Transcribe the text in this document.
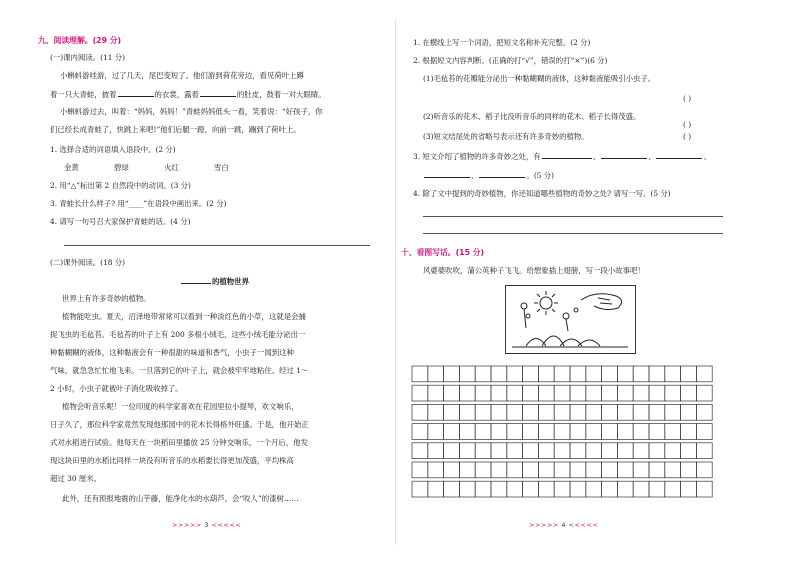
九、阅读理解。(29 分)
(一)课内阅读。(11 分)
小蝌蚪游哇游，过了几天，尾巴变短了。他们游到荷花旁边，看见荷叶上蹲
着一只大青蛙，披着	的衣裳，露着	的肚皮，鼓着一对大眼睛。
小蝌蚪游过去，叫着：“妈妈，妈妈！”青蛙妈妈低头一看，笑着说：“好孩子，你
们已经长成青蛙了，快跳上来吧!”他们后腿一蹬，向前一跳，蹦到了荷叶上。
1. 选择合适的词语填入语段中。(2 分)
金黄	碧绿	火红	雪白
2. 用“△”标出第 2 自然段中的动词。(3 分)
3. 青蛙长什么样子? 用“____”在语段中画出来。(2 分)
4. 请写一句号召大家保护青蛙的话。(4 分)
(二)课外阅读。(18 分)
的植物世界
世界上有许多奇妙的植物。
植物能吃虫。夏天，沼泽地带常常可以看到一种淡红色的小草，这就是会捕
捉飞虫的毛毡苔。毛毡苔的叶子上有 200 多根小绒毛，这些小绒毛能分泌出一
种黏糊糊的液体，这种黏液会有一种很甜的味道和香气，小虫子一闻到这种
气味，就急急忙忙地飞来。一旦落到它的叶子上，就会被牢牢地粘住。经过 1～
2 小时，小虫子就被叶子消化吸收掉了。
植物会听音乐呢！一位印度的科学家喜欢在花园里拉小提琴，欢文响乐，
日子久了，那位科学家竟然发现他那园中的花木长得格外旺盛。于是，他开始正
式对水稻进行试验。他每天在一块稻田里播放 25 分钟交响乐，一个月后，他发
现这块田里的水稻比同样一块没有听音乐的水稻要长得更加茂盛，平均株高
超过 30 厘米。
此外，还有预报地震的山芋藤，能净化水的水葫芦，会“咬人”的漆树……
>>>>> 3 <<<<<
1. 在横线上写一个词语，把短文名称补充完整。(2 分)
2. 根据短文内容判断。(正确的打“√”，错误的打“×”)(6 分)
(1)毛毡苔的花瓣能分泌出一种黏糊糊的液体，这种黏液能吸引小虫子。
( )
(2)听音乐的花木、稻子比没听音乐的同样的花木、稻子长得茂盛。
( )
(3)短文结尾处的省略号表示还有许多奇妙的植物。	( )
3. 短文介绍了植物的许多奇妙之处，有	、	、	、
、	。(5 分)
4. 除了文中提到的奇妙植物，你还知道哪些植物的奇妙之处? 请写一写。(5 分)
十、看图写话。(15 分)
风婆婆吹吹，蒲公英种子飞飞。给想象插上翅膀，写一段小故事吧！
>>>>> 4 <<<<<
